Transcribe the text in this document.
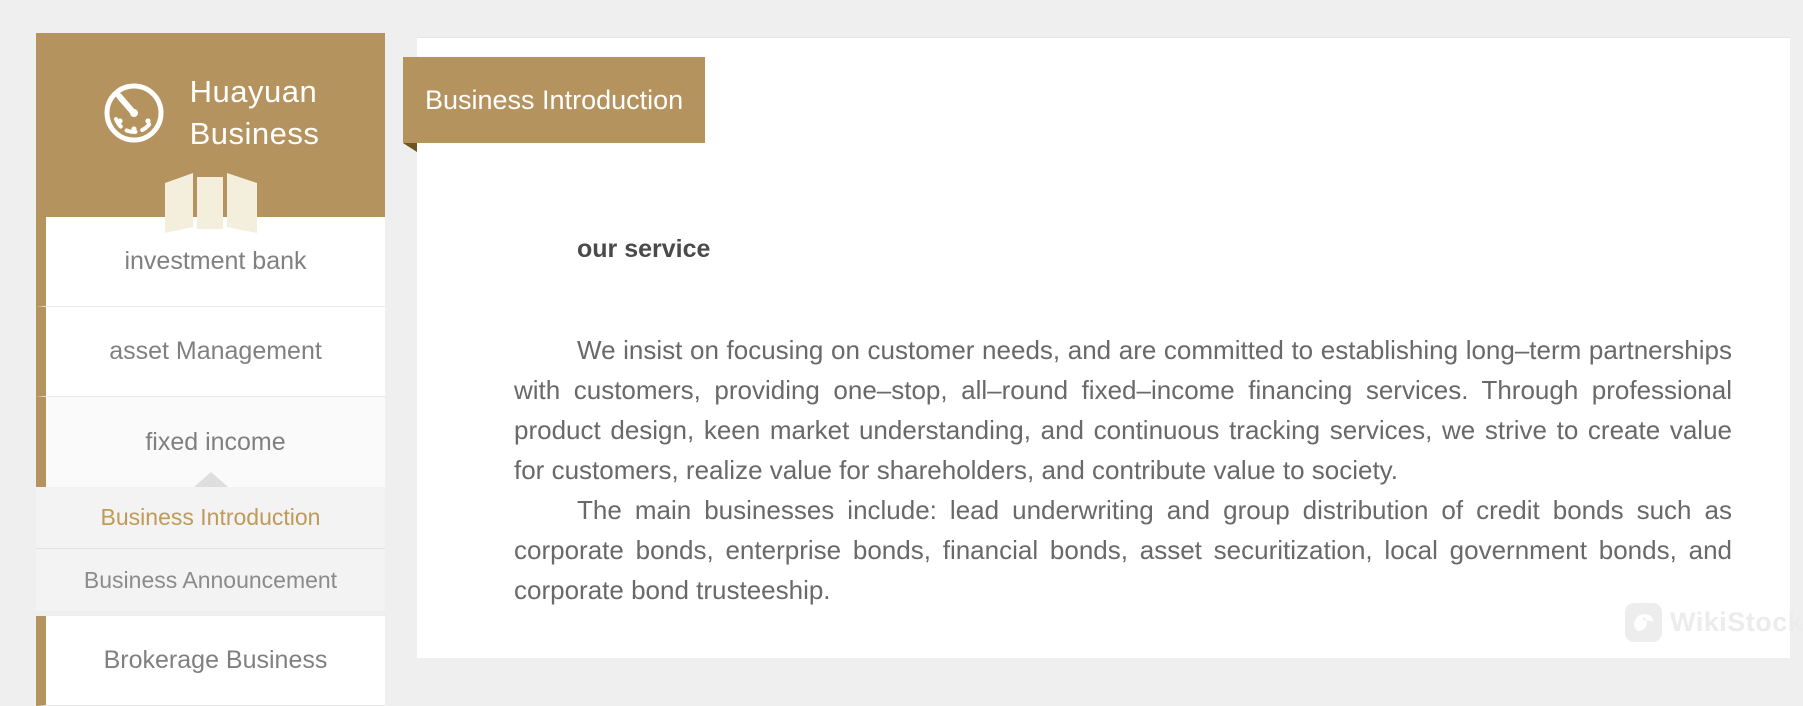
Huayuan
Business
investment bank
asset Management
fixed income
Business Introduction
Business Announcement
Brokerage Business
Business Introduction
our service

We insist on focusing on customer needs, and are committed to establishing long–term partnerships with customers, providing one–stop, all–round fixed–income financing services. Through professional product design, keen market understanding, and continuous tracking services, we strive to create value for customers, realize value for shareholders, and contribute value to society.

The main businesses include: lead underwriting and group distribution of credit bonds such as corporate bonds, enterprise bonds, financial bonds, asset securitization, local government bonds, and corporate bond trusteeship.

WikiStock
